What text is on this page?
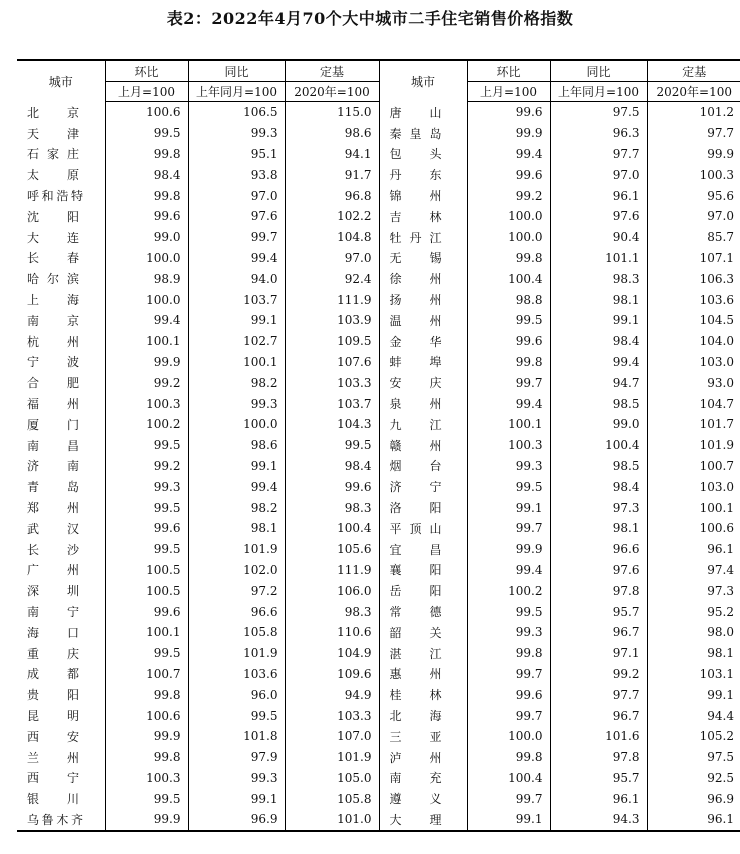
表2：2022年4月70个大中城市二手住宅销售价格指数
城市	环比	同比	定基	城市	环比	同比	定基
	上月=100	上年同月=100	2020年=100		上月=100	上年同月=100	2020年=100
北京	100.6	106.5	115.0	唐山	99.6	97.5	101.2
天津	99.5	99.3	98.6	秦皇岛	99.9	96.3	97.7
石家庄	99.8	95.1	94.1	包头	99.4	97.7	99.9
太原	98.4	93.8	91.7	丹东	99.6	97.0	100.3
呼和浩特	99.8	97.0	96.8	锦州	99.2	96.1	95.6
沈阳	99.6	97.6	102.2	吉林	100.0	97.6	97.0
大连	99.0	99.7	104.8	牡丹江	100.0	90.4	85.7
长春	100.0	99.4	97.0	无锡	99.8	101.1	107.1
哈尔滨	98.9	94.0	92.4	徐州	100.4	98.3	106.3
上海	100.0	103.7	111.9	扬州	98.8	98.1	103.6
南京	99.4	99.1	103.9	温州	99.5	99.1	104.5
杭州	100.1	102.7	109.5	金华	99.6	98.4	104.0
宁波	99.9	100.1	107.6	蚌埠	99.8	99.4	103.0
合肥	99.2	98.2	103.3	安庆	99.7	94.7	93.0
福州	100.3	99.3	103.7	泉州	99.4	98.5	104.7
厦门	100.2	100.0	104.3	九江	100.1	99.0	101.7
南昌	99.5	98.6	99.5	赣州	100.3	100.4	101.9
济南	99.2	99.1	98.4	烟台	99.3	98.5	100.7
青岛	99.3	99.4	99.6	济宁	99.5	98.4	103.0
郑州	99.5	98.2	98.3	洛阳	99.1	97.3	100.1
武汉	99.6	98.1	100.4	平顶山	99.7	98.1	100.6
长沙	99.5	101.9	105.6	宜昌	99.9	96.6	96.1
广州	100.5	102.0	111.9	襄阳	99.4	97.6	97.4
深圳	100.5	97.2	106.0	岳阳	100.2	97.8	97.3
南宁	99.6	96.6	98.3	常德	99.5	95.7	95.2
海口	100.1	105.8	110.6	韶关	99.3	96.7	98.0
重庆	99.5	101.9	104.9	湛江	99.8	97.1	98.1
成都	100.7	103.6	109.6	惠州	99.7	99.2	103.1
贵阳	99.8	96.0	94.9	桂林	99.6	97.7	99.1
昆明	100.6	99.5	103.3	北海	99.7	96.7	94.4
西安	99.9	101.8	107.0	三亚	100.0	101.6	105.2
兰州	99.8	97.9	101.9	泸州	99.8	97.8	97.5
西宁	100.3	99.3	105.0	南充	100.4	95.7	92.5
银川	99.5	99.1	105.8	遵义	99.7	96.1	96.9
乌鲁木齐	99.9	96.9	101.0	大理	99.1	94.3	96.1
